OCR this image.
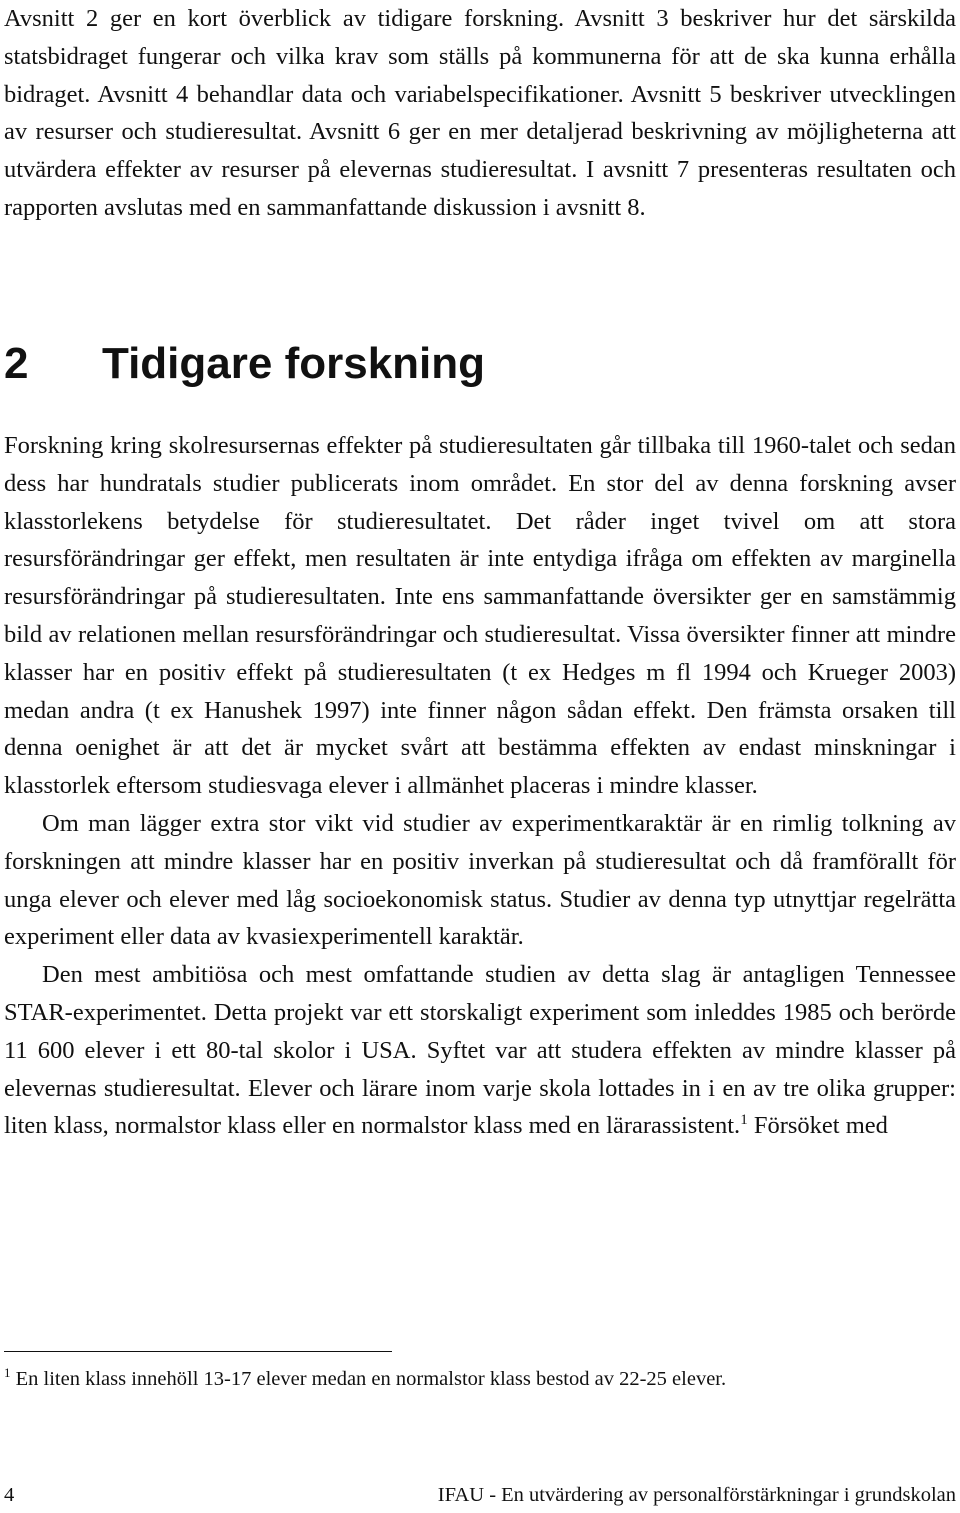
Avsnitt 2 ger en kort överblick av tidigare forskning. Avsnitt 3 beskriver hur det särskilda statsbidraget fungerar och vilka krav som ställs på kommunerna för att de ska kunna erhålla bidraget. Avsnitt 4 behandlar data och variabelspecifikationer. Avsnitt 5 beskriver utvecklingen av resurser och studieresultat. Avsnitt 6 ger en mer detaljerad beskrivning av möjligheterna att utvärdera effekter av resurser på elevernas studieresultat. I avsnitt 7 presenteras resultaten och rapporten avslutas med en sammanfattande diskussion i avsnitt 8.

2 Tidigare forskning

Forskning kring skolresursernas effekter på studieresultaten går tillbaka till 1960-talet och sedan dess har hundratals studier publicerats inom området. En stor del av denna forskning avser klasstorlekens betydelse för studieresultatet. Det råder inget tvivel om att stora resursförändringar ger effekt, men resultaten är inte entydiga ifråga om effekten av marginella resursförändringar på studieresultaten. Inte ens sammanfattande översikter ger en samstämmig bild av relationen mellan resursförändringar och studieresultat. Vissa översikter finner att mindre klasser har en positiv effekt på studieresultaten (t ex Hedges m fl 1994 och Krueger 2003) medan andra (t ex Hanushek 1997) inte finner någon sådan effekt. Den främsta orsaken till denna oenighet är att det är mycket svårt att bestämma effekten av endast minskningar i klasstorlek eftersom studiesvaga elever i allmänhet placeras i mindre klasser.

Om man lägger extra stor vikt vid studier av experimentkaraktär är en rimlig tolkning av forskningen att mindre klasser har en positiv inverkan på studieresultat och då framförallt för unga elever och elever med låg socioekonomisk status. Studier av denna typ utnyttjar regelrätta experiment eller data av kvasiexperimentell karaktär.

Den mest ambitiösa och mest omfattande studien av detta slag är antagligen Tennessee STAR-experimentet. Detta projekt var ett storskaligt experiment som inleddes 1985 och berörde 11 600 elever i ett 80-tal skolor i USA. Syftet var att studera effekten av mindre klasser på elevernas studieresultat. Elever och lärare inom varje skola lottades in i en av tre olika grupper: liten klass, normalstor klass eller en normalstor klass med en lärarassistent.$^1$ Försöket med

$^1$ En liten klass innehöll 13-17 elever medan en normalstor klass bestod av 22-25 elever.
4	IFAU - En utvärdering av personalförstärkningar i grundskolan
